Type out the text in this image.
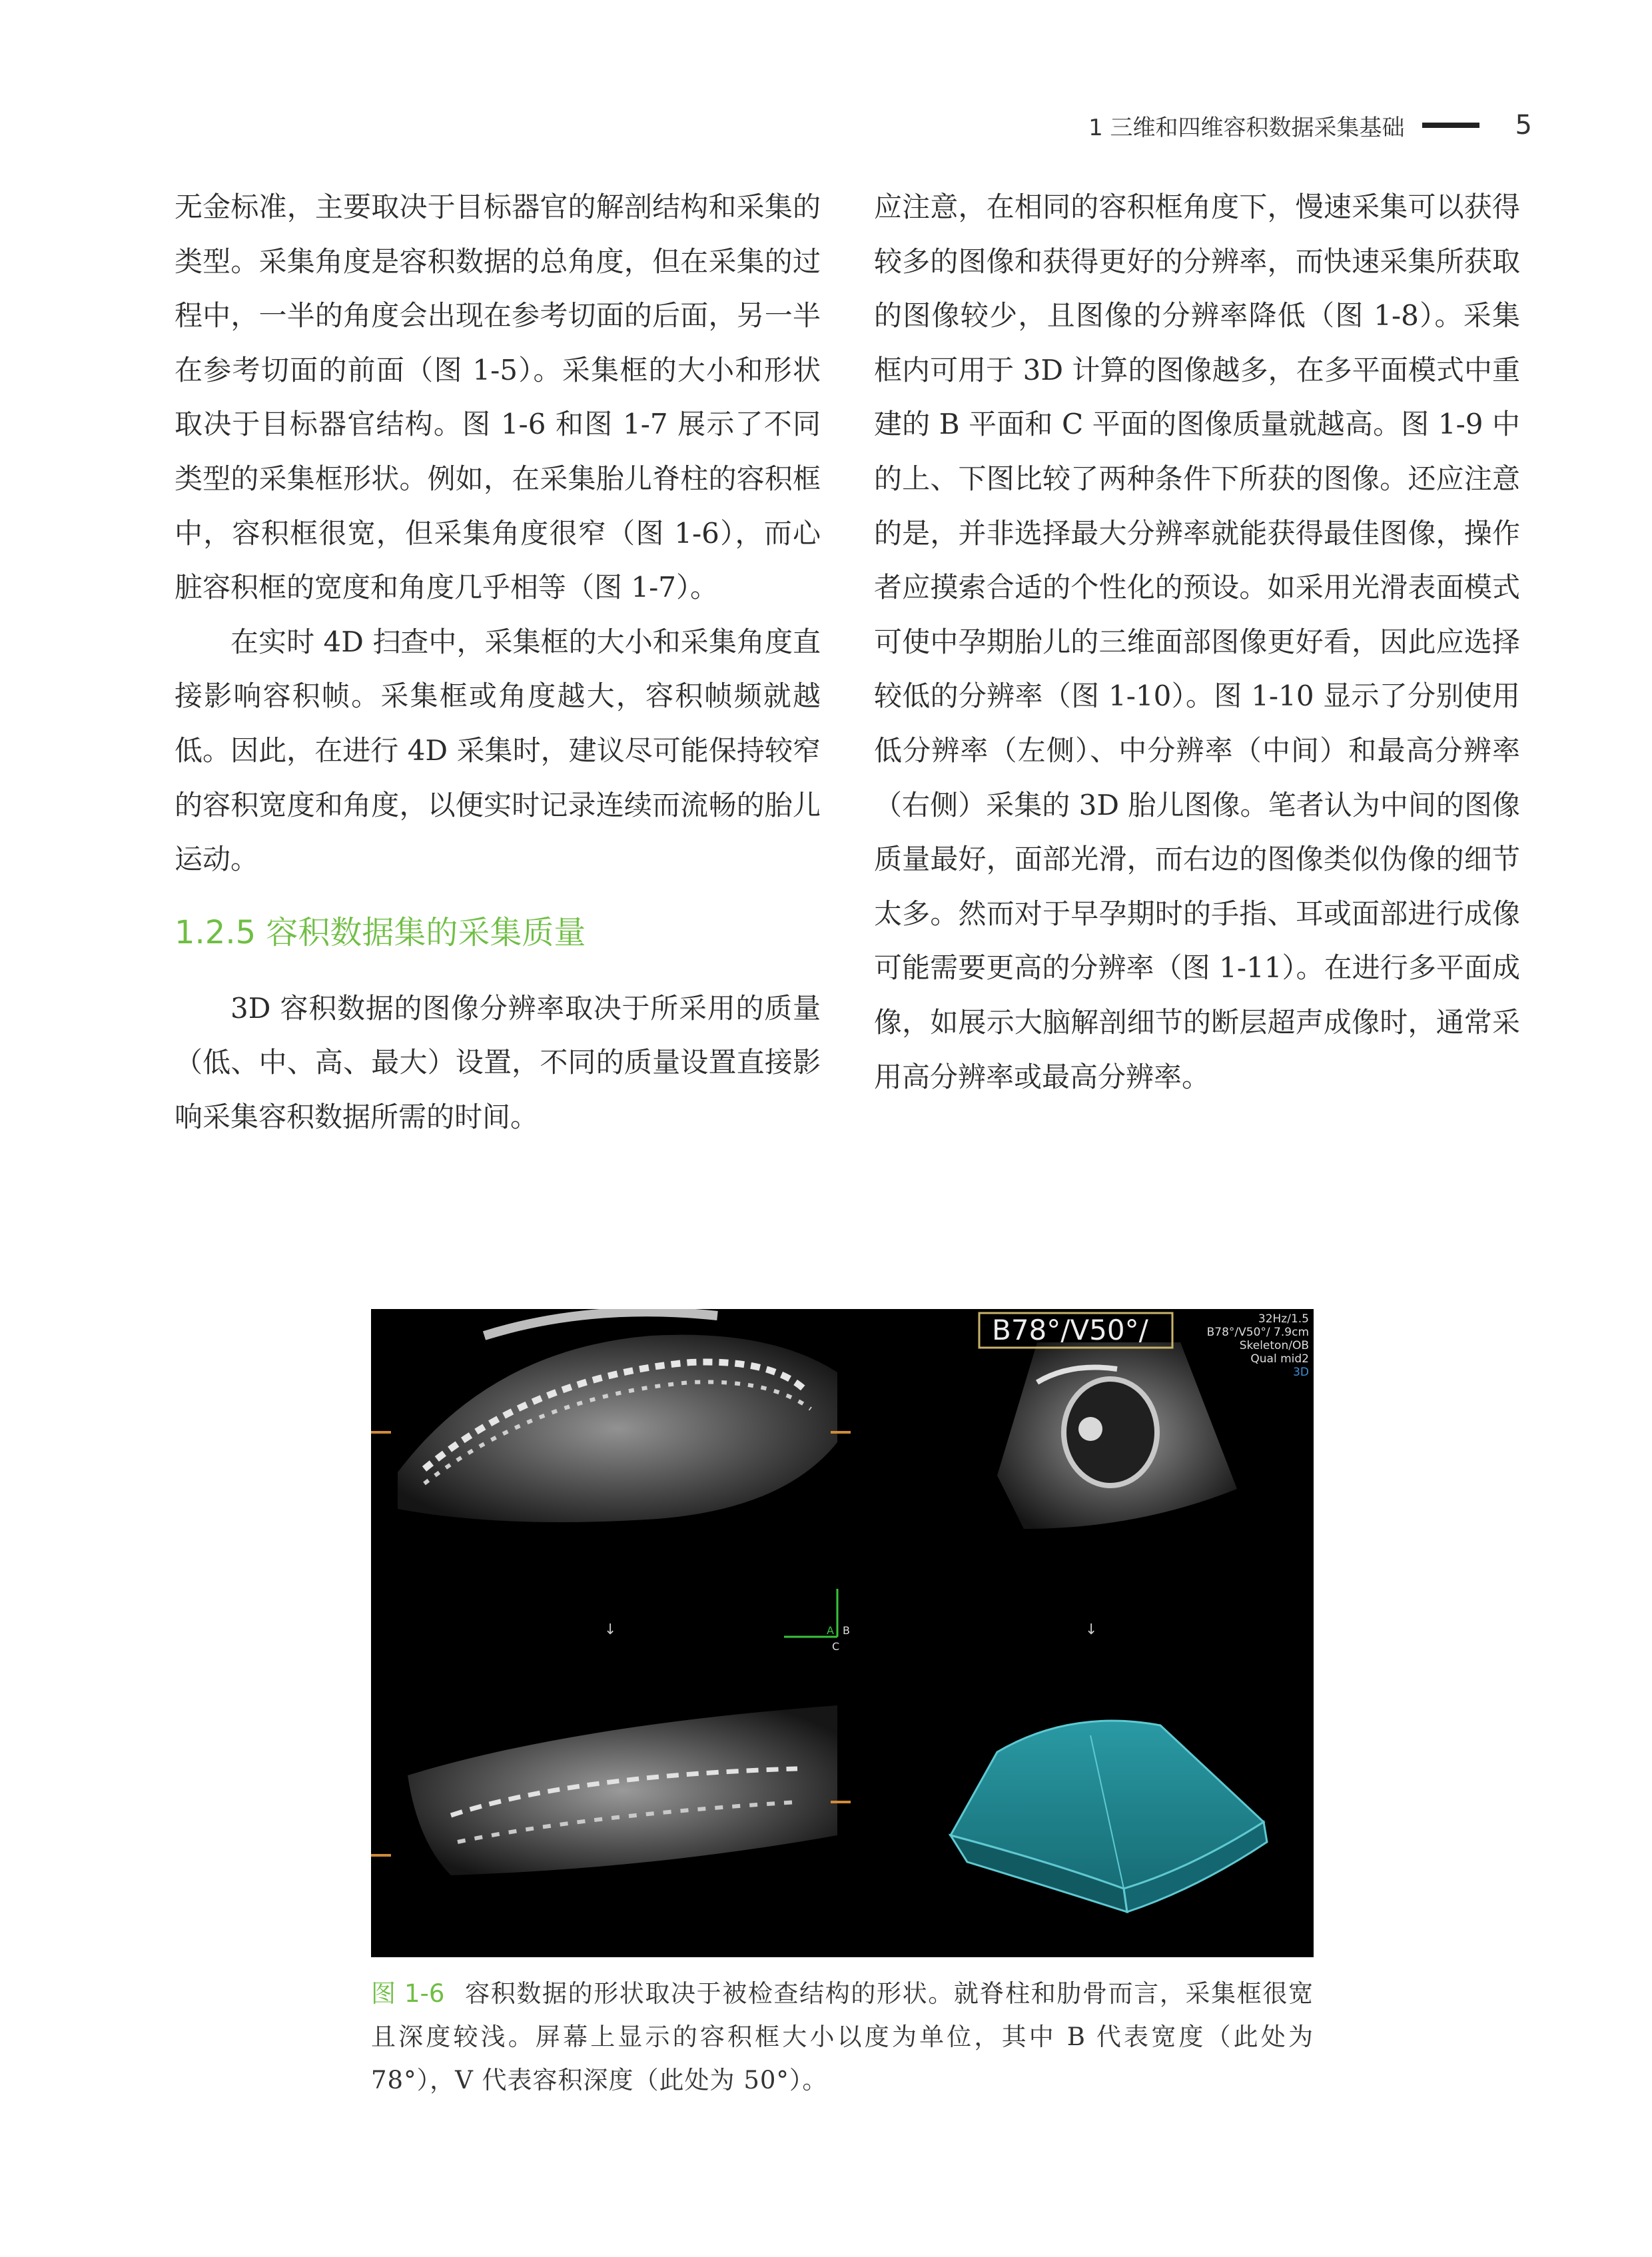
1 三维和四维容积数据采集基础	5

无金标准，主要取决于目标器官的解剖结构和采集的类型。采集角度是容积数据的总角度，但在采集的过程中，一半的角度会出现在参考切面的后面，另一半在参考切面的前面（图 1-5）。采集框的大小和形状取决于目标器官结构。图 1-6 和图 1-7 展示了不同类型的采集框形状。例如，在采集胎儿脊柱的容积框中，容积框很宽，但采集角度很窄（图 1-6），而心脏容积框的宽度和角度几乎相等（图 1-7）。

在实时 4D 扫查中，采集框的大小和采集角度直接影响容积帧。采集框或角度越大，容积帧频就越低。因此，在进行 4D 采集时，建议尽可能保持较窄的容积宽度和角度，以便实时记录连续而流畅的胎儿运动。

1.2.5 容积数据集的采集质量

3D 容积数据的图像分辨率取决于所采用的质量（低、中、高、最大）设置，不同的质量设置直接影响采集容积数据所需的时间。

应注意，在相同的容积框角度下，慢速采集可以获得较多的图像和获得更好的分辨率，而快速采集所获取的图像较少，且图像的分辨率降低（图 1-8）。采集框内可用于 3D 计算的图像越多，在多平面模式中重建的 B 平面和 C 平面的图像质量就越高。图 1-9 中的上、下图比较了两种条件下所获的图像。还应注意的是，并非选择最大分辨率就能获得最佳图像，操作者应摸索合适的个性化的预设。如采用光滑表面模式可使中孕期胎儿的三维面部图像更好看，因此应选择较低的分辨率（图 1-10）。图 1-10 显示了分别使用低分辨率（左侧）、中分辨率（中间）和最高分辨率（右侧）采集的 3D 胎儿图像。笔者认为中间的图像质量最好，面部光滑，而右边的图像类似伪像的细节太多。然而对于早孕期时的手指、耳或面部进行成像可能需要更高的分辨率（图 1-11）。在进行多平面成像，如展示大脑解剖细节的断层超声成像时，通常采用高分辨率或最高分辨率。

B78°/V50°/	32Hz/1.5
B78°/V50°/ 7.9cm
Skeleton/OB
Qual mid2
3D
↓	↓
A B
C
图 1-6 容积数据的形状取决于被检查结构的形状。就脊柱和肋骨而言，采集框很宽且深度较浅。屏幕上显示的容积框大小以度为单位，其中 B 代表宽度（此处为 78°），V 代表容积深度（此处为 50°）。
